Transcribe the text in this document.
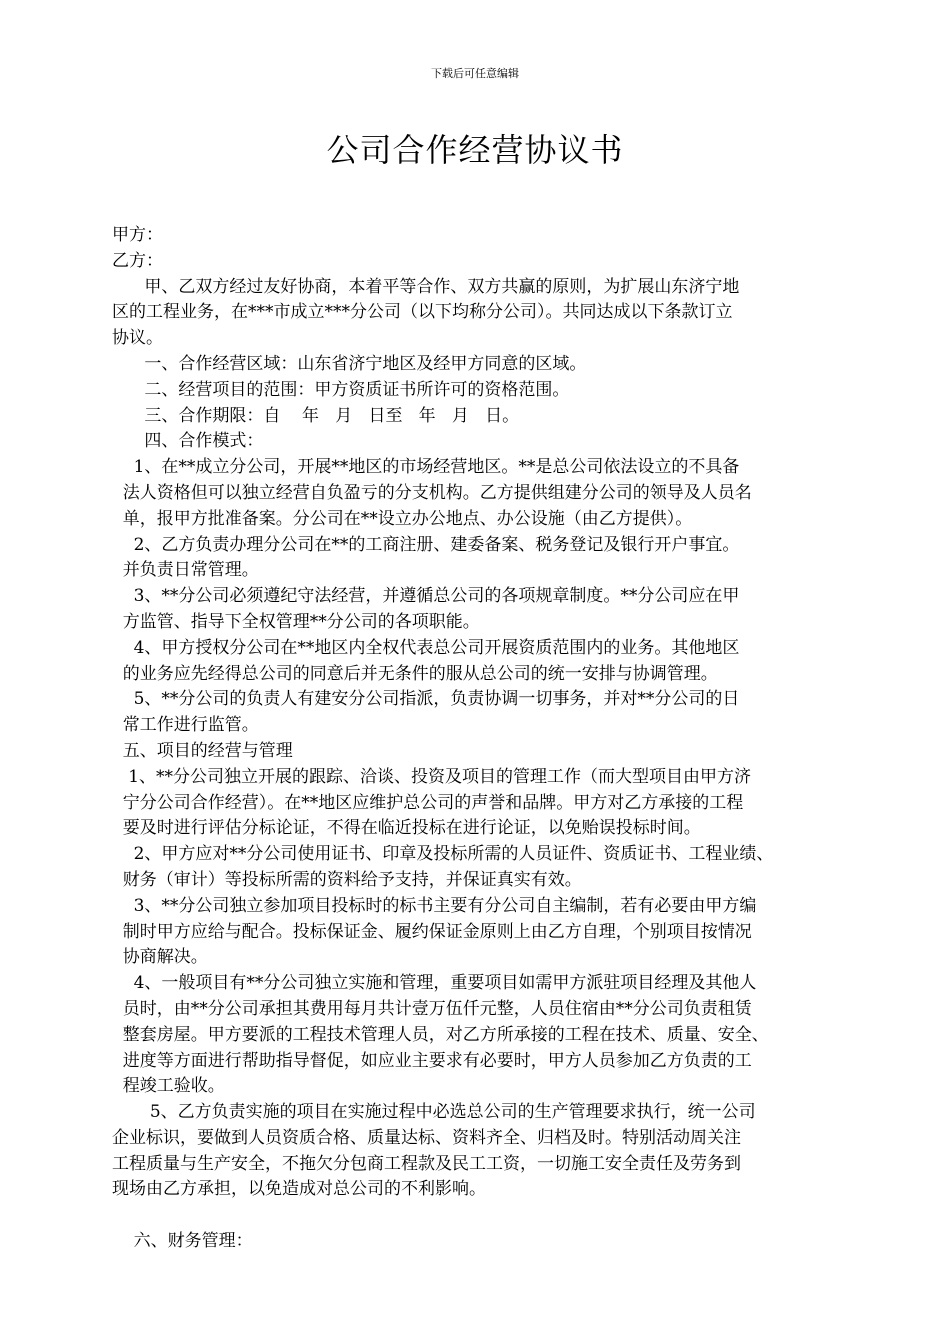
下载后可任意编辑
公司合作经营协议书
甲方：
乙方：
甲、乙双方经过友好协商，本着平等合作、双方共赢的原则，为扩展山东济宁地
区的工程业务，在***市成立***分公司（以下均称分公司）。共同达成以下条款订立
协议。
一、合作经营区域：山东省济宁地区及经甲方同意的区域。
二、经营项目的范围：甲方资质证书所许可的资格范围。
三、合作期限：自    年   月   日至   年   月   日。
四、合作模式：
1、在**成立分公司，开展**地区的市场经营地区。**是总公司依法设立的不具备
法人资格但可以独立经营自负盈亏的分支机构。乙方提供组建分公司的领导及人员名
单，报甲方批准备案。分公司在**设立办公地点、办公设施（由乙方提供）。
2、乙方负责办理分公司在**的工商注册、建委备案、税务登记及银行开户事宜。
并负责日常管理。
3、**分公司必须遵纪守法经营，并遵循总公司的各项规章制度。**分公司应在甲
方监管、指导下全权管理**分公司的各项职能。
4、甲方授权分公司在**地区内全权代表总公司开展资质范围内的业务。其他地区
的业务应先经得总公司的同意后并无条件的服从总公司的统一安排与协调管理。
5、**分公司的负责人有建安分公司指派，负责协调一切事务，并对**分公司的日
常工作进行监管。
五、项目的经营与管理
1、**分公司独立开展的跟踪、洽谈、投资及项目的管理工作（而大型项目由甲方济
宁分公司合作经营）。在**地区应维护总公司的声誉和品牌。甲方对乙方承接的工程
要及时进行评估分标论证，不得在临近投标在进行论证，以免贻误投标时间。
2、甲方应对**分公司使用证书、印章及投标所需的人员证件、资质证书、工程业绩、
财务（审计）等投标所需的资料给予支持，并保证真实有效。
3、**分公司独立参加项目投标时的标书主要有分公司自主编制，若有必要由甲方编
制时甲方应给与配合。投标保证金、履约保证金原则上由乙方自理，个别项目按情况
协商解决。
4、一般项目有**分公司独立实施和管理，重要项目如需甲方派驻项目经理及其他人
员时，由**分公司承担其费用每月共计壹万伍仟元整，人员住宿由**分公司负责租赁
整套房屋。甲方要派的工程技术管理人员，对乙方所承接的工程在技术、质量、安全、
进度等方面进行帮助指导督促，如应业主要求有必要时，甲方人员参加乙方负责的工
程竣工验收。
5、乙方负责实施的项目在实施过程中必选总公司的生产管理要求执行，统一公司
企业标识，要做到人员资质合格、质量达标、资料齐全、归档及时。特别活动周关注
工程质量与生产安全，不拖欠分包商工程款及民工工资，一切施工安全责任及劳务到
现场由乙方承担，以免造成对总公司的不利影响。
六、财务管理：
